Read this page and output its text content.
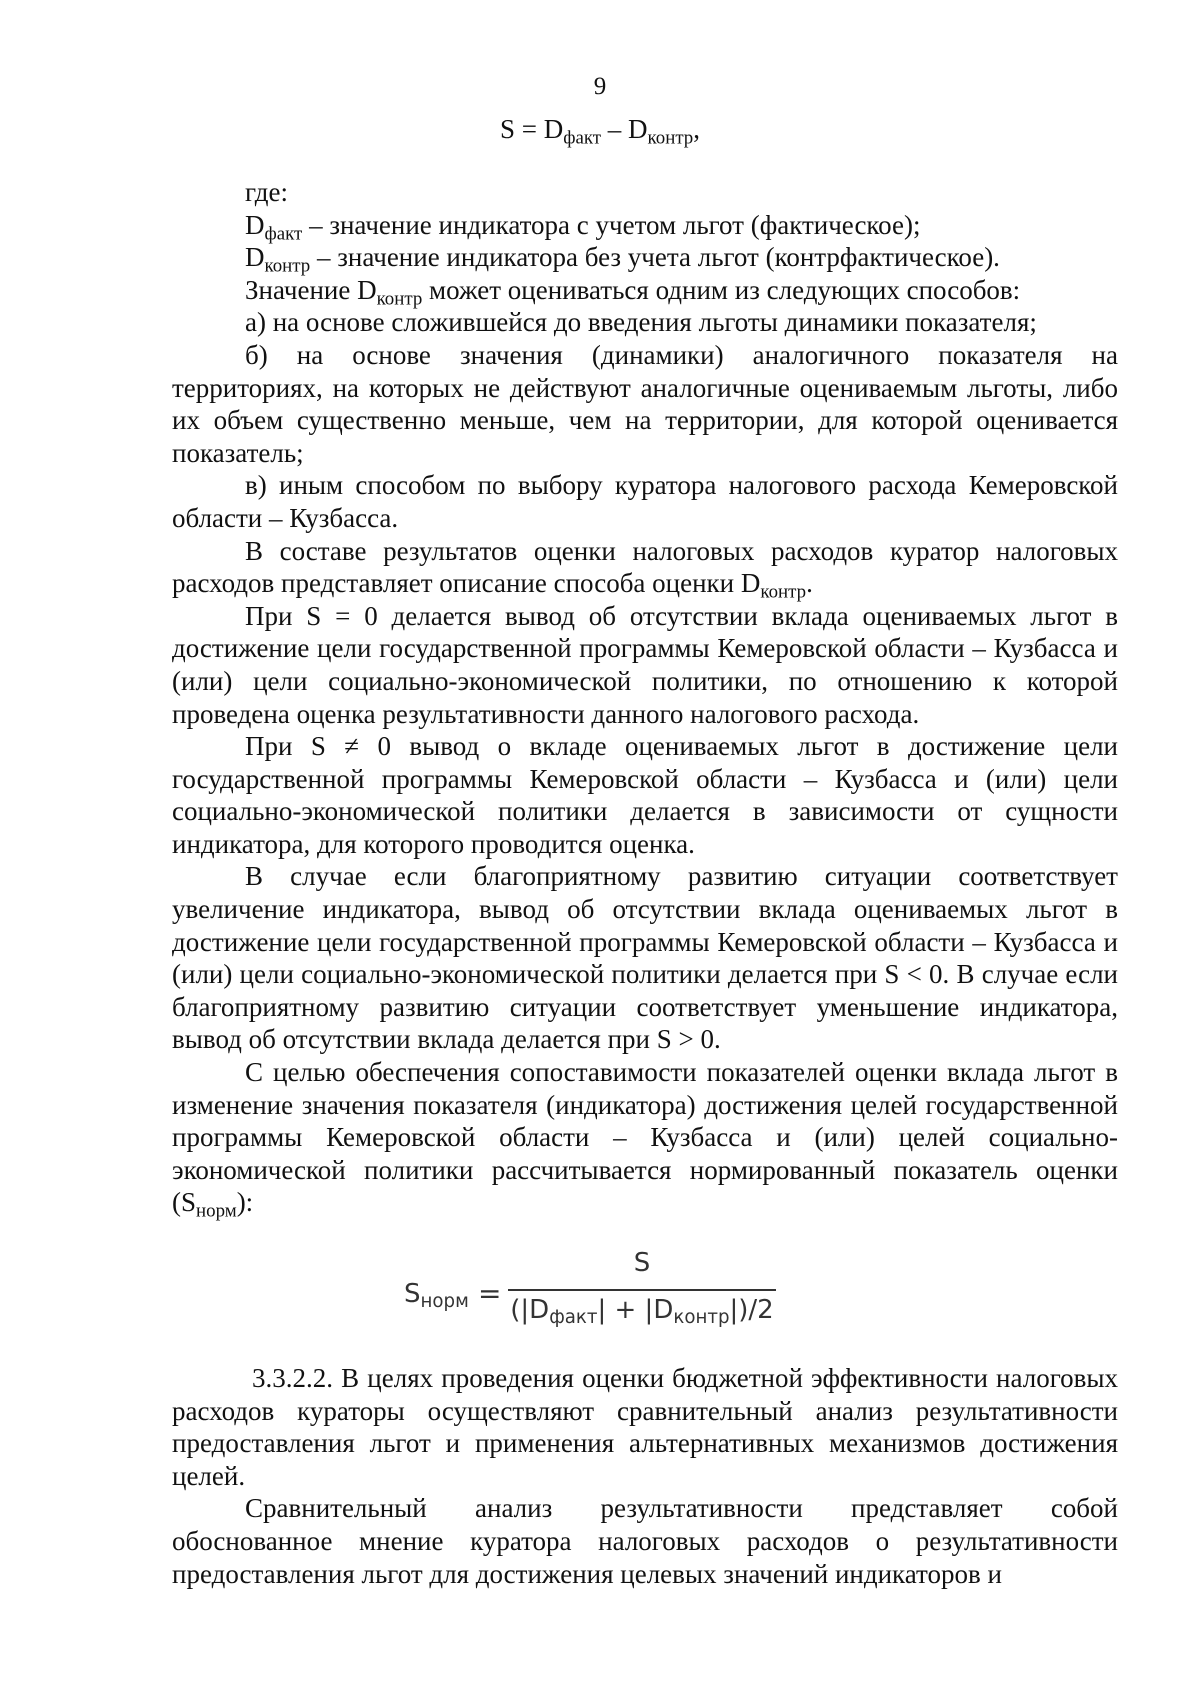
9
$S = D_{факт} - D_{контр}$,

где:

$D_{факт}$ – значение индикатора с учетом льгот (фактическое);

$D_{контр}$ – значение индикатора без учета льгот (контрфактическое).

Значение $D_{контр}$ может оцениваться одним из следующих способов:

а) на основе сложившейся до введения льготы динамики показателя;

б) на основе значения (динамики) аналогичного показателя на территориях, на которых не действуют аналогичные оцениваемым льготы, либо их объем существенно меньше, чем на территории, для которой оценивается показатель;

в) иным способом по выбору куратора налогового расхода Кемеровской области – Кузбасса.

В составе результатов оценки налоговых расходов куратор налоговых расходов представляет описание способа оценки $D_{контр}$.

При S = 0 делается вывод об отсутствии вклада оцениваемых льгот в достижение цели государственной программы Кемеровской области – Кузбасса и (или) цели социально-экономической политики, по отношению к которой проведена оценка результативности данного налогового расхода.

При S ≠ 0 вывод о вкладе оцениваемых льгот в достижение цели государственной программы Кемеровской области – Кузбасса и (или) цели социально-экономической политики делается в зависимости от сущности индикатора, для которого проводится оценка.

В случае если благоприятному развитию ситуации соответствует увеличение индикатора, вывод об отсутствии вклада оцениваемых льгот в достижение цели государственной программы Кемеровской области – Кузбасса и (или) цели социально-экономической политики делается при S < 0. В случае если благоприятному развитию ситуации соответствует уменьшение индикатора, вывод об отсутствии вклада делается при S > 0.

С целью обеспечения сопоставимости показателей оценки вклада льгот в изменение значения показателя (индикатора) достижения целей государственной программы Кемеровской области – Кузбасса и (или) целей социально-экономической политики рассчитывается нормированный показатель оценки $(S_{норм})$:

$S_{норм}$ =
S
$(|D_{факт}| + |D_{контр}|)/2$

3.3.2.2. В целях проведения оценки бюджетной эффективности налоговых расходов кураторы осуществляют сравнительный анализ результативности предоставления льгот и применения альтернативных механизмов достижения целей.

Сравнительный анализ результативности представляет собой обоснованное мнение куратора налоговых расходов о результативности предоставления льгот для достижения целевых значений индикаторов и
